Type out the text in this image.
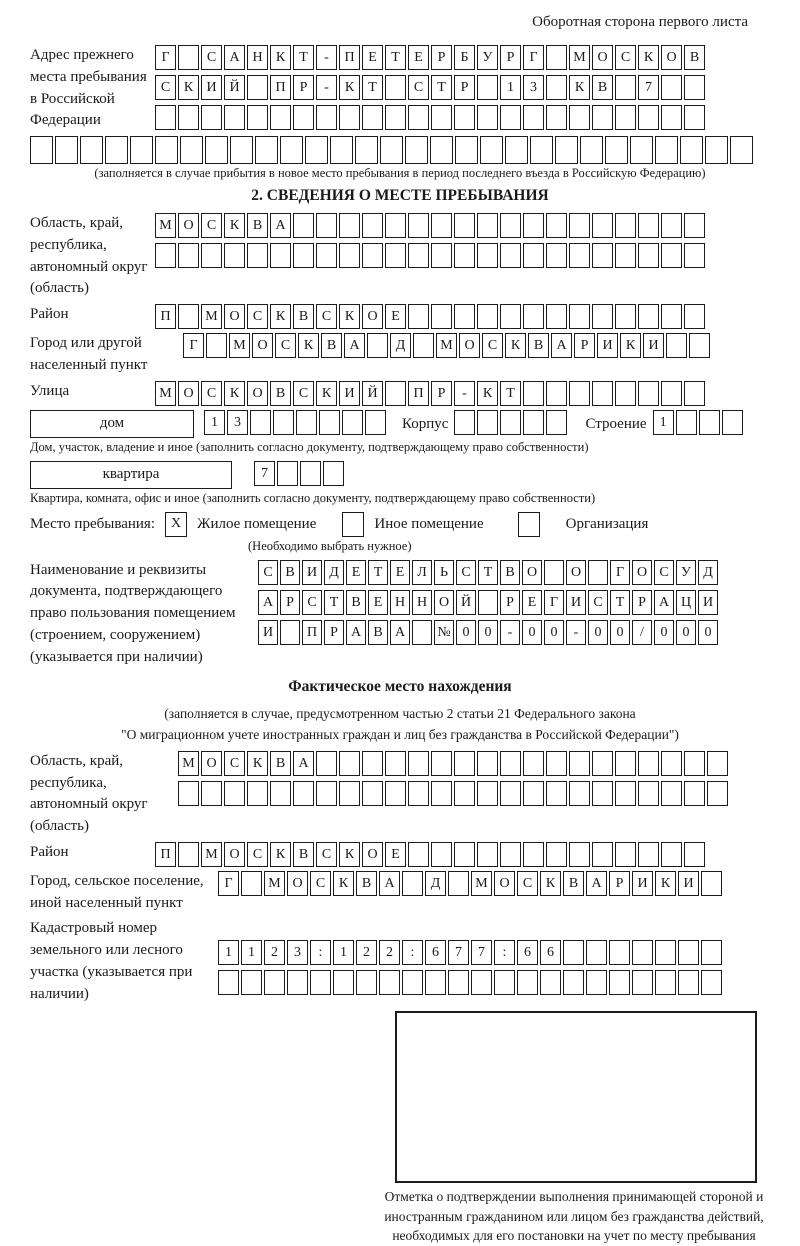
Оборотная сторона первого листа
Адрес прежнего места пребывания в Российской Федерации
Г	С А Н К Т - П Е Т Е Р Б У Р Г	М О С К О В
С К И Й	П Р - К Т	С Т Р	1 3	К В	7
(заполняется в случае прибытия в новое место пребывания в период последнего въезда в Российскую Федерацию)
2. СВЕДЕНИЯ О МЕСТЕ ПРЕБЫВАНИЯ
Область, край, республика, автономный округ (область)
М О С К В А
Район	П М О С К В С К О Е
Город или другой населенный пункт
Г	М О С К В А	Д М О С К В А Р И К И
Улица	М О С К О В С К И Й	П Р - К Т
дом	1 3	Корпус	Строение 1
Дом, участок, владение и иное (заполнить согласно документу, подтверждающему право собственности)
квартира	7
Квартира, комната, офис и иное (заполнить согласно документу, подтверждающему право собственности)
Место пребывания:	X	Жилое помещение	Иное помещение	Организация
(Необходимо выбрать нужное)
Наименование и реквизиты документа, подтверждающего право пользования помещением (строением, сооружением) (указывается при наличии)
С В И Д Е Т Е Л Ь С Т В О О Г О С У Д
А Р С Т В Е Н Н О Й	Р Е Г И С Т Р А Ц И
И П Р А В А № 0 0 - 0 0 - 0 0 / 0 0 0
Фактическое место нахождения
(заполняется в случае, предусмотренном частью 2 статьи 21 Федерального закона
"О миграционном учете иностранных граждан и лиц без гражданства в Российской Федерации")
Область, край, республика, автономный округ (область)
М О С К В А
Район	П М О С К В С К О Е
Город, сельское поселение, иной населенный пункт
Г	М О С К В А	Д М О С К В А Р И К И
Кадастровый номер земельного или лесного участка (указывается при наличии)
1 1 2 3 : 1 2 2 : 6 7 7 : 6 6
Отметка о подтверждении выполнения принимающей стороной и иностранным гражданином или лицом без гражданства действий, необходимых для его постановки на учет по месту пребывания
